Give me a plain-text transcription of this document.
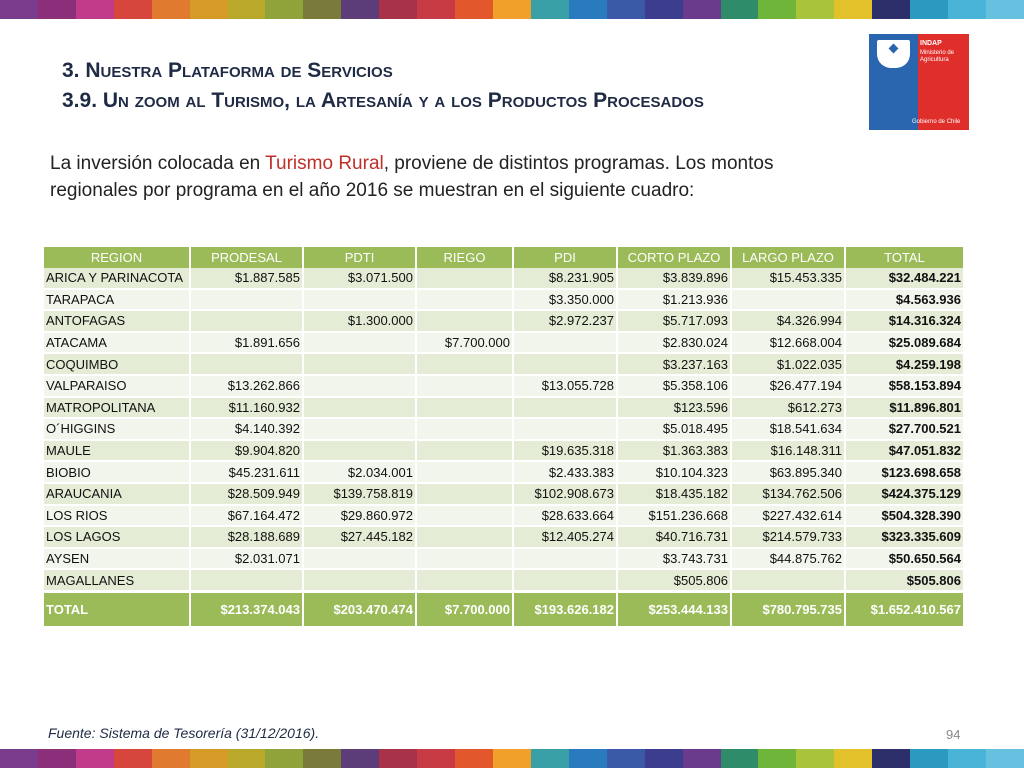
3. Nuestra Plataforma de Servicios
3.9. Un zoom al Turismo, la Artesanía y a los Productos Procesados
INDAP
Ministerio de Agricultura
Gobierno de Chile
La inversión colocada en Turismo Rural, proviene de distintos programas. Los montos regionales por programa en el año 2016 se muestran en el siguiente cuadro:
REGION	PRODESAL	PDTI	RIEGO	PDI	CORTO PLAZO	LARGO PLAZO	TOTAL
ARICA Y PARINACOTA	$1.887.585	$3.071.500		$8.231.905	$3.839.896	$15.453.335	$32.484.221
TARAPACA				$3.350.000	$1.213.936		$4.563.936
ANTOFAGAS		$1.300.000		$2.972.237	$5.717.093	$4.326.994	$14.316.324
ATACAMA	$1.891.656		$7.700.000		$2.830.024	$12.668.004	$25.089.684
COQUIMBO					$3.237.163	$1.022.035	$4.259.198
VALPARAISO	$13.262.866			$13.055.728	$5.358.106	$26.477.194	$58.153.894
MATROPOLITANA	$11.160.932				$123.596	$612.273	$11.896.801
O´HIGGINS	$4.140.392				$5.018.495	$18.541.634	$27.700.521
MAULE	$9.904.820			$19.635.318	$1.363.383	$16.148.311	$47.051.832
BIOBIO	$45.231.611	$2.034.001		$2.433.383	$10.104.323	$63.895.340	$123.698.658
ARAUCANIA	$28.509.949	$139.758.819		$102.908.673	$18.435.182	$134.762.506	$424.375.129
LOS RIOS	$67.164.472	$29.860.972		$28.633.664	$151.236.668	$227.432.614	$504.328.390
LOS LAGOS	$28.188.689	$27.445.182		$12.405.274	$40.716.731	$214.579.733	$323.335.609
AYSEN	$2.031.071				$3.743.731	$44.875.762	$50.650.564
MAGALLANES					$505.806		$505.806
TOTAL	$213.374.043	$203.470.474	$7.700.000	$193.626.182	$253.444.133	$780.795.735	$1.652.410.567
Fuente: Sistema de Tesorería (31/12/2016).	94
